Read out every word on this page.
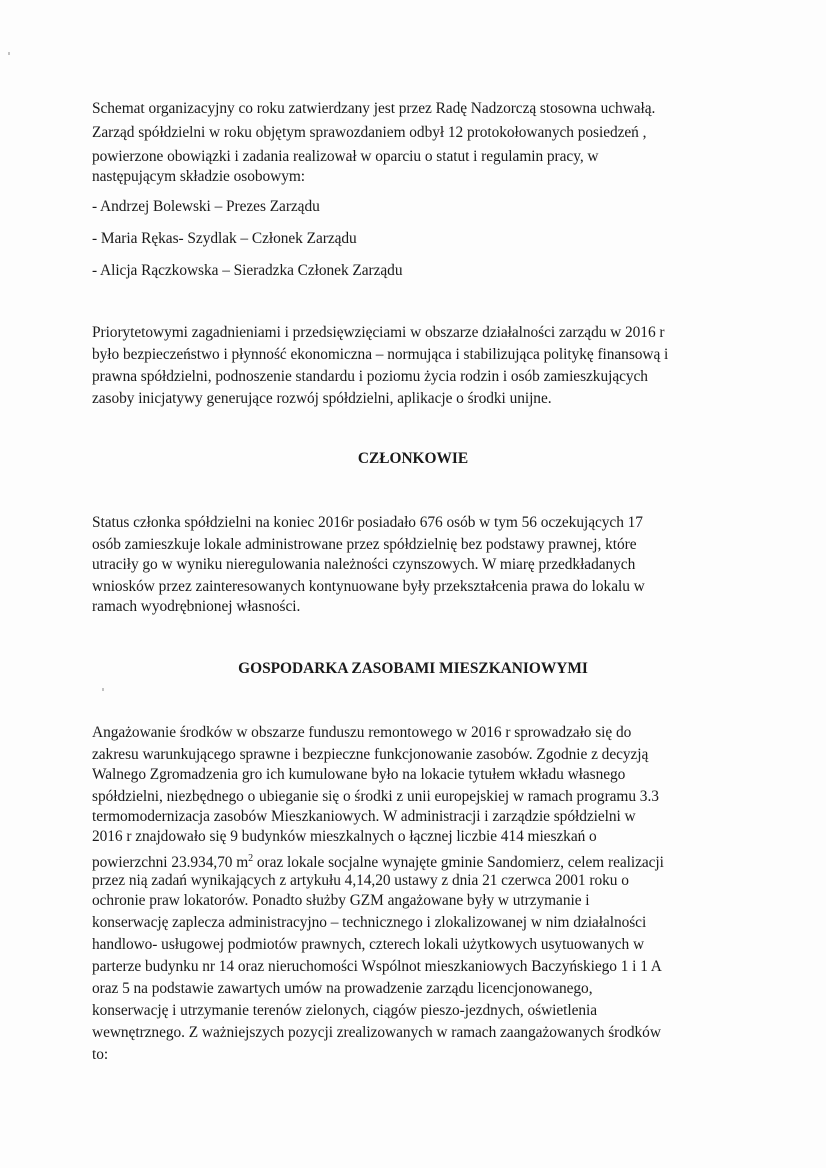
Schemat organizacyjny co roku zatwierdzany jest przez Radę Nadzorczą stosowna uchwałą.
Zarząd spółdzielni w roku objętym sprawozdaniem odbył 12 protokołowanych posiedzeń ,
powierzone obowiązki i zadania realizował w oparciu o statut i regulamin pracy, w
następującym składzie osobowym:
- Andrzej Bolewski – Prezes Zarządu
- Maria Rękas- Szydlak – Członek Zarządu
- Alicja Rączkowska – Sieradzka Członek Zarządu
Priorytetowymi zagadnieniami i przedsięwzięciami w obszarze działalności zarządu w 2016 r
było bezpieczeństwo i płynność ekonomiczna – normująca i stabilizująca politykę finansową i
prawna spółdzielni, podnoszenie standardu i poziomu życia rodzin i osób zamieszkujących
zasoby inicjatywy generujące rozwój spółdzielni, aplikacje o środki unijne.
CZŁONKOWIE
Status członka spółdzielni na koniec 2016r posiadało 676 osób w tym 56 oczekujących 17
osób zamieszkuje lokale administrowane przez spółdzielnię bez podstawy prawnej, które
utraciły go w wyniku nieregulowania należności czynszowych. W miarę przedkładanych
wniosków przez zainteresowanych kontynuowane były przekształcenia prawa do lokalu w
ramach wyodrębnionej własności.
GOSPODARKA ZASOBAMI MIESZKANIOWYMI
Angażowanie środków w obszarze funduszu remontowego w 2016 r sprowadzało się do
zakresu warunkującego sprawne i bezpieczne funkcjonowanie zasobów. Zgodnie z decyzją
Walnego Zgromadzenia gro ich kumulowane było na lokacie tytułem wkładu własnego
spółdzielni, niezbędnego o ubieganie się o środki z unii europejskiej w ramach programu 3.3
termomodernizacja zasobów Mieszkaniowych. W administracji i zarządzie spółdzielni w
2016 r znajdowało się 9 budynków mieszkalnych o łącznej liczbie 414 mieszkań o
powierzchni 23.934,70 $m^2$ oraz lokale socjalne wynajęte gminie Sandomierz, celem realizacji
przez nią zadań wynikających z artykułu 4,14,20 ustawy z dnia 21 czerwca 2001 roku o
ochronie praw lokatorów. Ponadto służby GZM angażowane były w utrzymanie i
konserwację zaplecza administracyjno – technicznego i zlokalizowanej w nim działalności
handlowo- usługowej podmiotów prawnych, czterech lokali użytkowych usytuowanych w
parterze budynku nr 14 oraz nieruchomości Wspólnot mieszkaniowych Baczyńskiego 1 i 1 A
oraz 5 na podstawie zawartych umów na prowadzenie zarządu licencjonowanego,
konserwację i utrzymanie terenów zielonych, ciągów pieszo-jezdnych, oświetlenia
wewnętrznego. Z ważniejszych pozycji zrealizowanych w ramach zaangażowanych środków
to:
